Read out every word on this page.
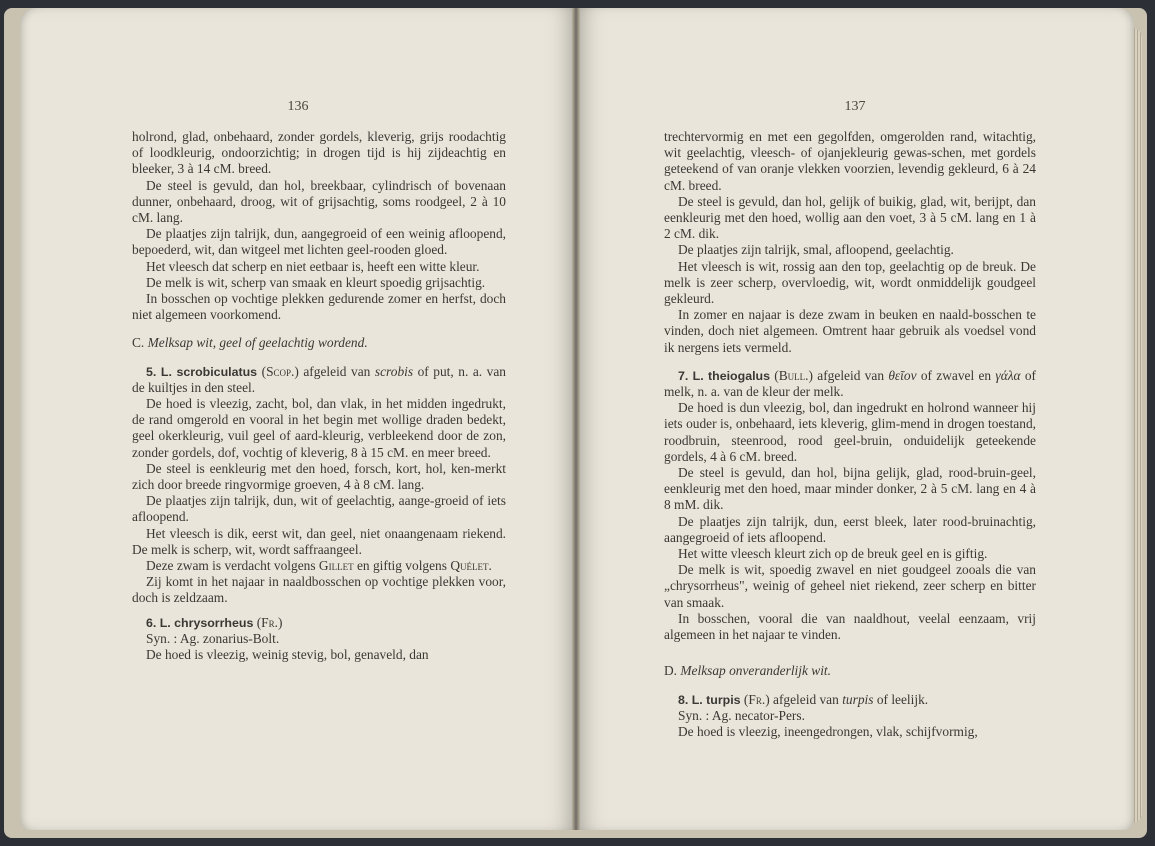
136

holrond, glad, onbehaard, zonder gordels, kleverig, grijs roodachtig of loodkleurig, ondoorzichtig; in drogen tijd is hij zijdeachtig en bleeker, 3 à 14 cM. breed.

De steel is gevuld, dan hol, breekbaar, cylindrisch of bovenaan dunner, onbehaard, droog, wit of grijsachtig, soms roodgeel, 2 à 10 cM. lang.

De plaatjes zijn talrijk, dun, aangegroeid of een weinig afloopend, bepoederd, wit, dan witgeel met lichten geel-rooden gloed.

Het vleesch dat scherp en niet eetbaar is, heeft een witte kleur.

De melk is wit, scherp van smaak en kleurt spoedig grijsachtig.

In bosschen op vochtige plekken gedurende zomer en herfst, doch niet algemeen voorkomend.

C. Melksap wit, geel of geelachtig wordend.

5. L. scrobiculatus (Scop.) afgeleid van scrobis of put, n. a. van de kuiltjes in den steel.

De hoed is vleezig, zacht, bol, dan vlak, in het midden ingedrukt, de rand omgerold en vooral in het begin met wollige draden bedekt, geel okerkleurig, vuil geel of aard-kleurig, verbleekend door de zon, zonder gordels, dof, vochtig of kleverig, 8 à 15 cM. en meer breed.

De steel is eenkleurig met den hoed, forsch, kort, hol, ken-merkt zich door breede ringvormige groeven, 4 à 8 cM. lang.

De plaatjes zijn talrijk, dun, wit of geelachtig, aange-groeid of iets afloopend.

Het vleesch is dik, eerst wit, dan geel, niet onaangenaam riekend. De melk is scherp, wit, wordt saffraangeel.

Deze zwam is verdacht volgens Gillet en giftig volgens Quélet.

Zij komt in het najaar in naaldbosschen op vochtige plekken voor, doch is zeldzaam.

6. L. chrysorrheus (Fr.)

Syn. : Ag. zonarius-Bolt.

De hoed is vleezig, weinig stevig, bol, genaveld, dan

137

trechtervormig en met een gegolfden, omgerolden rand, witachtig, wit geelachtig, vleesch- of ojanjekleurig gewas-schen, met gordels geteekend of van oranje vlekken voorzien, levendig gekleurd, 6 à 24 cM. breed.

De steel is gevuld, dan hol, gelijk of buikig, glad, wit, berijpt, dan eenkleurig met den hoed, wollig aan den voet, 3 à 5 cM. lang en 1 à 2 cM. dik.

De plaatjes zijn talrijk, smal, afloopend, geelachtig.

Het vleesch is wit, rossig aan den top, geelachtig op de breuk. De melk is zeer scherp, overvloedig, wit, wordt onmiddelijk goudgeel gekleurd.

In zomer en najaar is deze zwam in beuken en naald-bosschen te vinden, doch niet algemeen. Omtrent haar gebruik als voedsel vond ik nergens iets vermeld.

7. L. theiogalus (Bull.) afgeleid van θεῖον of zwavel en γάλα of melk, n. a. van de kleur der melk.

De hoed is dun vleezig, bol, dan ingedrukt en holrond wanneer hij iets ouder is, onbehaard, iets kleverig, glim-mend in drogen toestand, roodbruin, steenrood, rood geel-bruin, onduidelijk geteekende gordels, 4 à 6 cM. breed.

De steel is gevuld, dan hol, bijna gelijk, glad, rood-bruin-geel, eenkleurig met den hoed, maar minder donker, 2 à 5 cM. lang en 4 à 8 mM. dik.

De plaatjes zijn talrijk, dun, eerst bleek, later rood-bruinachtig, aangegroeid of iets afloopend.

Het witte vleesch kleurt zich op de breuk geel en is giftig.

De melk is wit, spoedig zwavel en niet goudgeel zooals die van „chrysorrheus", weinig of geheel niet riekend, zeer scherp en bitter van smaak.

In bosschen, vooral die van naaldhout, veelal eenzaam, vrij algemeen in het najaar te vinden.

D. Melksap onveranderlijk wit.

8. L. turpis (Fr.) afgeleid van turpis of leelijk.

Syn. : Ag. necator-Pers.

De hoed is vleezig, ineengedrongen, vlak, schijfvormig,
